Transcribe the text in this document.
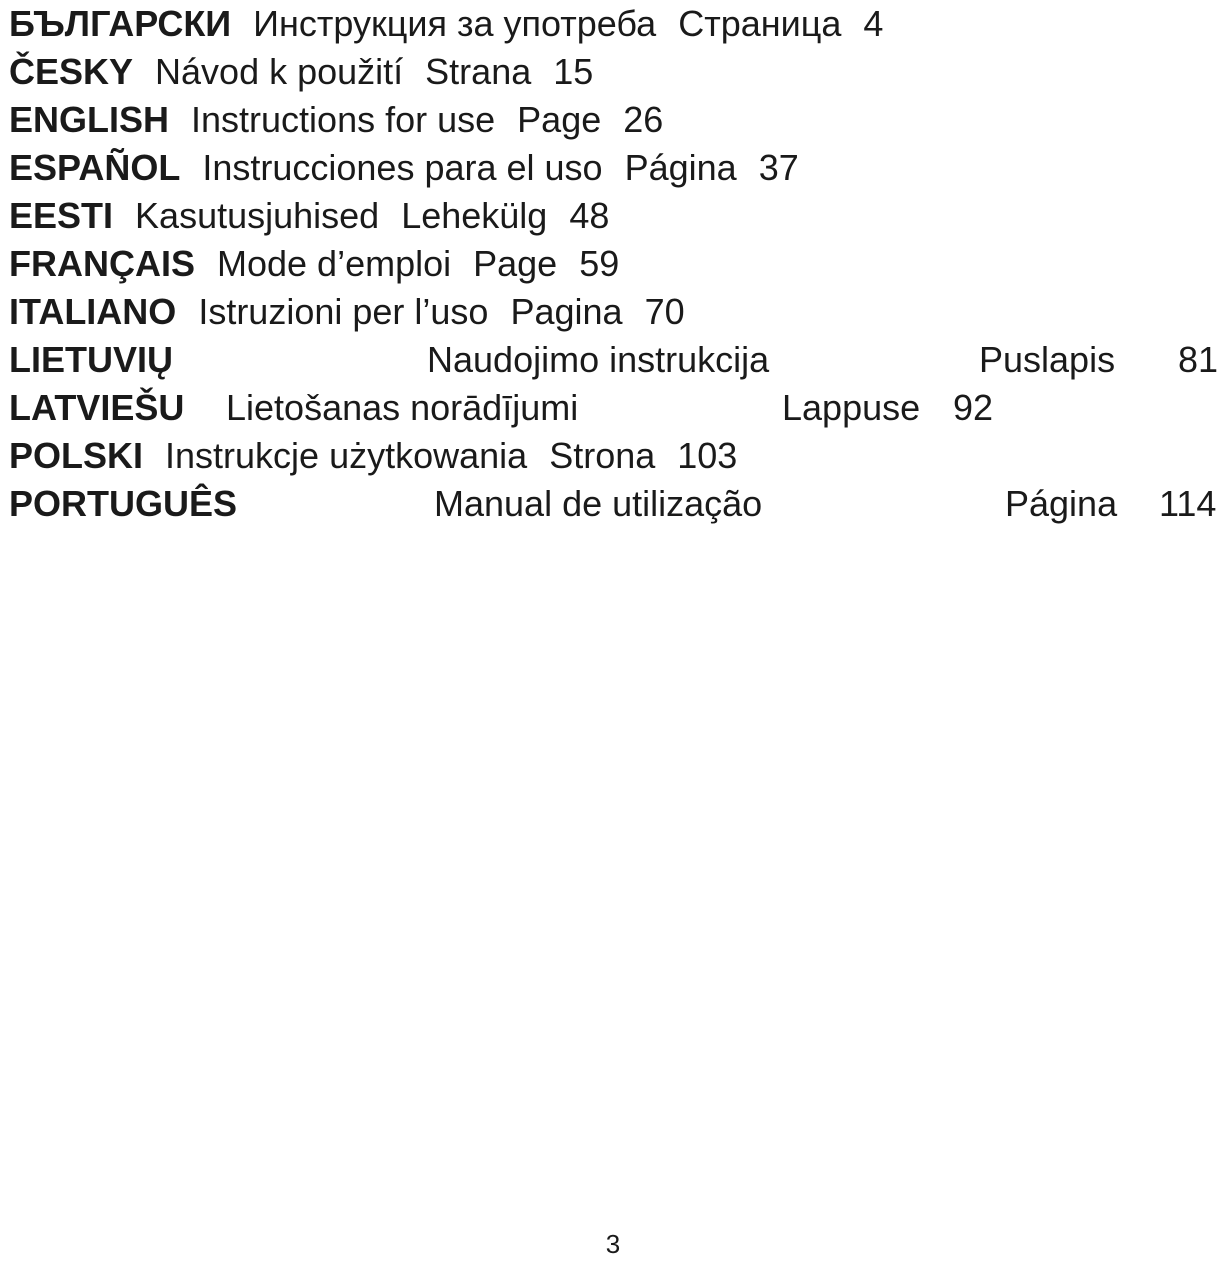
БЪЛГАРСКИ Инструкция за употреба Страница 4
ČESKY Návod k použití Strana 15
ENGLISH Instructions for use Page 26
ESPAÑOL Instrucciones para el uso Página 37
EESTI Kasutusjuhised Lehekülg 48
FRANÇAIS Mode d’emploi Page 59
ITALIANO Istruzioni per l’uso Pagina 70
LIETUVIŲ	Naudojimo instrukcija	Puslapis 81
LATVIEŠU Lietošanas norādījumi	Lappuse 92
POLSKI Instrukcje użytkowania Strona 103
PORTUGUÊS	Manual de utilização	Página 114
3
